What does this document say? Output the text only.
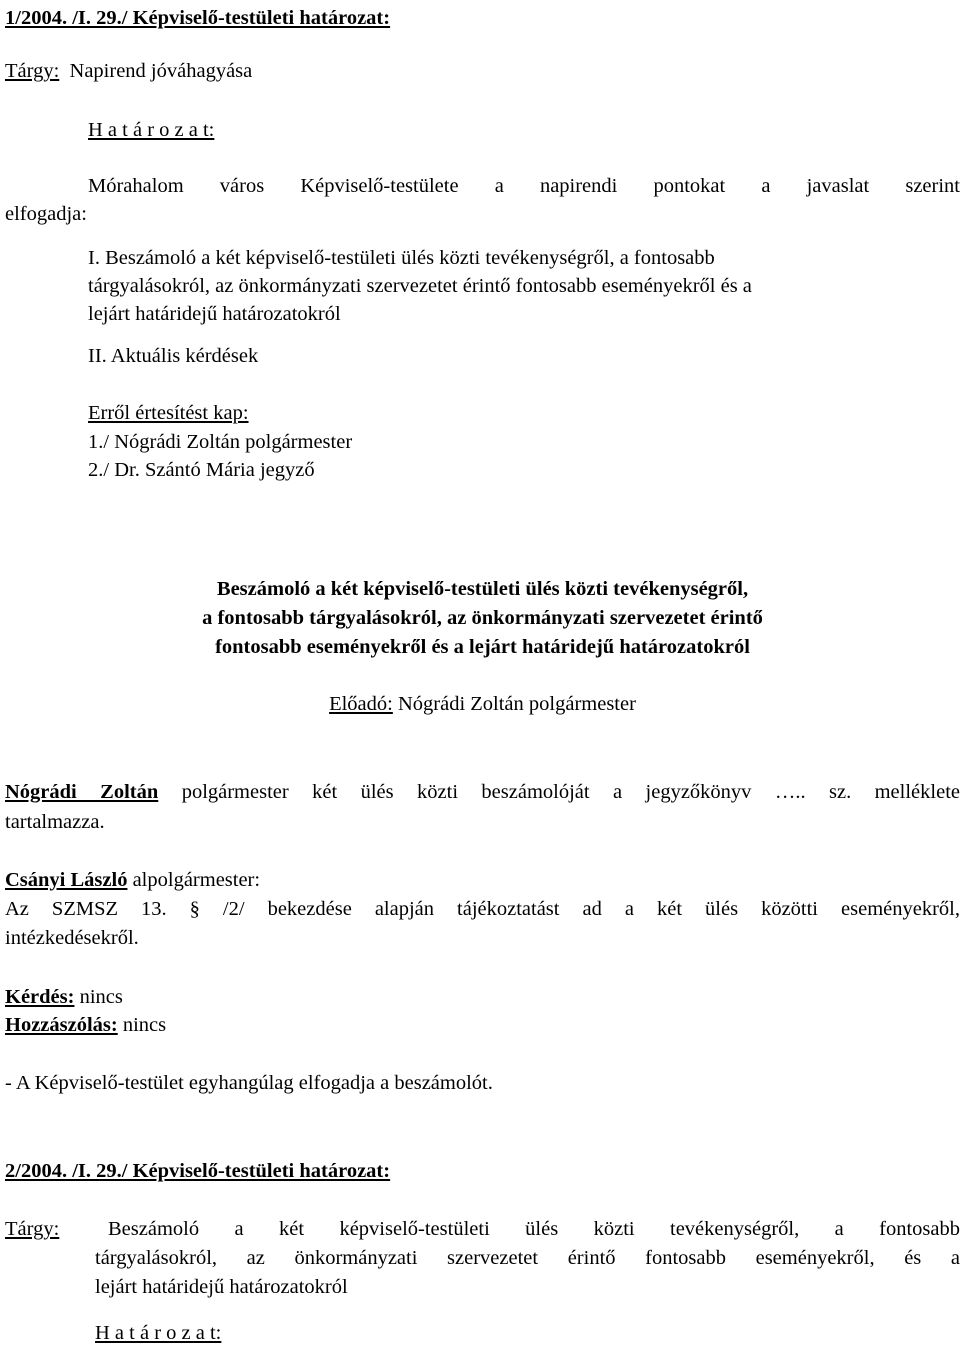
1/2004. /I. 29./ Képviselő-testületi határozat:
Tárgy: Napirend jóváhagyása
H a t á r o z a t:
Mórahalom város Képviselő-testülete a napirendi pontokat a javaslat szerint
elfogadja:
I. Beszámoló a két képviselő-testületi ülés közti tevékenységről, a fontosabb
tárgyalásokról, az önkormányzati szervezetet érintő fontosabb eseményekről és a
lejárt határidejű határozatokról
II. Aktuális kérdések
Erről értesítést kap:
1./ Nógrádi Zoltán polgármester
2./ Dr. Szántó Mária jegyző
Beszámoló a két képviselő-testületi ülés közti tevékenységről,
a fontosabb tárgyalásokról, az önkormányzati szervezetet érintő
fontosabb eseményekről és a lejárt határidejű határozatokról
Előadó: Nógrádi Zoltán polgármester
Nógrádi Zoltán polgármester két ülés közti beszámolóját a jegyzőkönyv ….. sz. melléklete
tartalmazza.
Csányi László alpolgármester:
Az SZMSZ 13. § /2/ bekezdése alapján tájékoztatást ad a két ülés közötti eseményekről,
intézkedésekről.
Kérdés: nincs
Hozzászólás: nincs
- A Képviselő-testület egyhangúlag elfogadja a beszámolót.
2/2004. /I. 29./ Képviselő-testületi határozat:
Tárgy: Beszámoló a két képviselő-testületi ülés közti tevékenységről, a fontosabb
tárgyalásokról, az önkormányzati szervezetet érintő fontosabb eseményekről, és a
lejárt határidejű határozatokról
H a t á r o z a t:
